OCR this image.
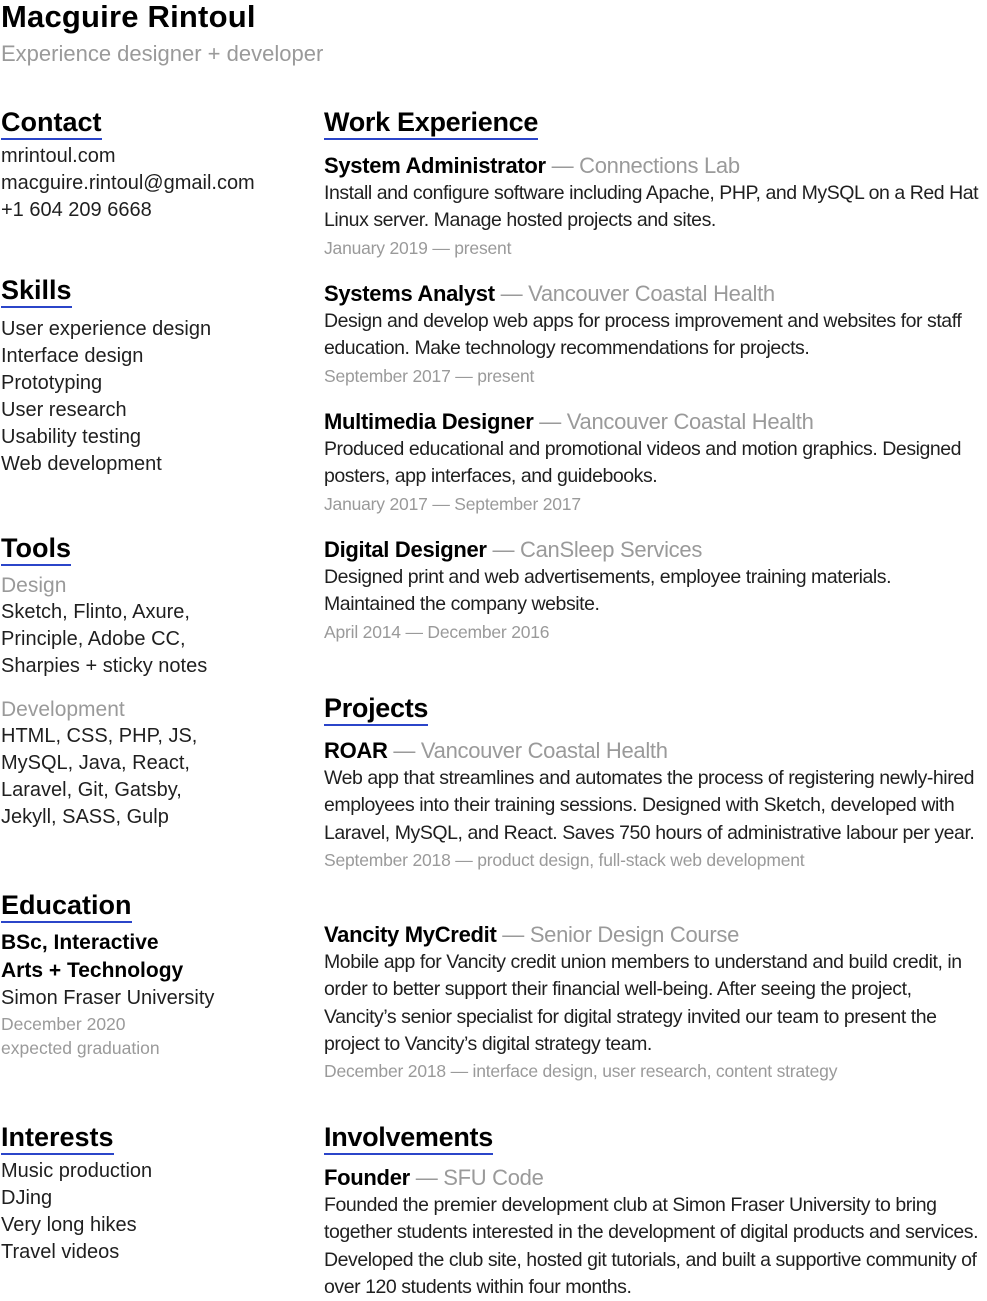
Macguire Rintoul

Experience designer + developer

Contact
mrintoul.com
macguire.rintoul@gmail.com
+1 604 209 6668
Skills
User experience design
Interface design
Prototyping
User research
Usability testing
Web development
Tools
Design
Sketch, Flinto, Axure,
Principle, Adobe CC,
Sharpies + sticky notes
Development
HTML, CSS, PHP, JS,
MySQL, Java, React,
Laravel, Git, Gatsby,
Jekyll, SASS, Gulp
Education
BSc, Interactive
Arts + Technology
Simon Fraser University
December 2020
expected graduation
Interests
Music production
DJing
Very long hikes
Travel videos
Work Experience
System Administrator — Connections Lab
Install and configure software including Apache, PHP, and MySQL on a Red Hat Linux server. Manage hosted projects and sites.
January 2019 — present
Systems Analyst — Vancouver Coastal Health
Design and develop web apps for process improvement and websites for staff education. Make technology recommendations for projects.
September 2017 — present
Multimedia Designer — Vancouver Coastal Health
Produced educational and promotional videos and motion graphics. Designed posters, app interfaces, and guidebooks.
January 2017 — September 2017
Digital Designer — CanSleep Services
Designed print and web advertisements, employee training materials. Maintained the company website.
April 2014 — December 2016
Projects
ROAR — Vancouver Coastal Health
Web app that streamlines and automates the process of registering newly-hired employees into their training sessions. Designed with Sketch, developed with Laravel, MySQL, and React. Saves 750 hours of administrative labour per year.
September 2018 — product design, full-stack web development
Vancity MyCredit — Senior Design Course
Mobile app for Vancity credit union members to understand and build credit, in order to better support their financial well-being. After seeing the project, Vancity’s senior specialist for digital strategy invited our team to present the project to Vancity’s digital strategy team.
December 2018 — interface design, user research, content strategy
Involvements
Founder — SFU Code
Founded the premier development club at Simon Fraser University to bring together students interested in the development of digital products and services. Developed the club site, hosted git tutorials, and built a supportive community of over 120 students within four months.
